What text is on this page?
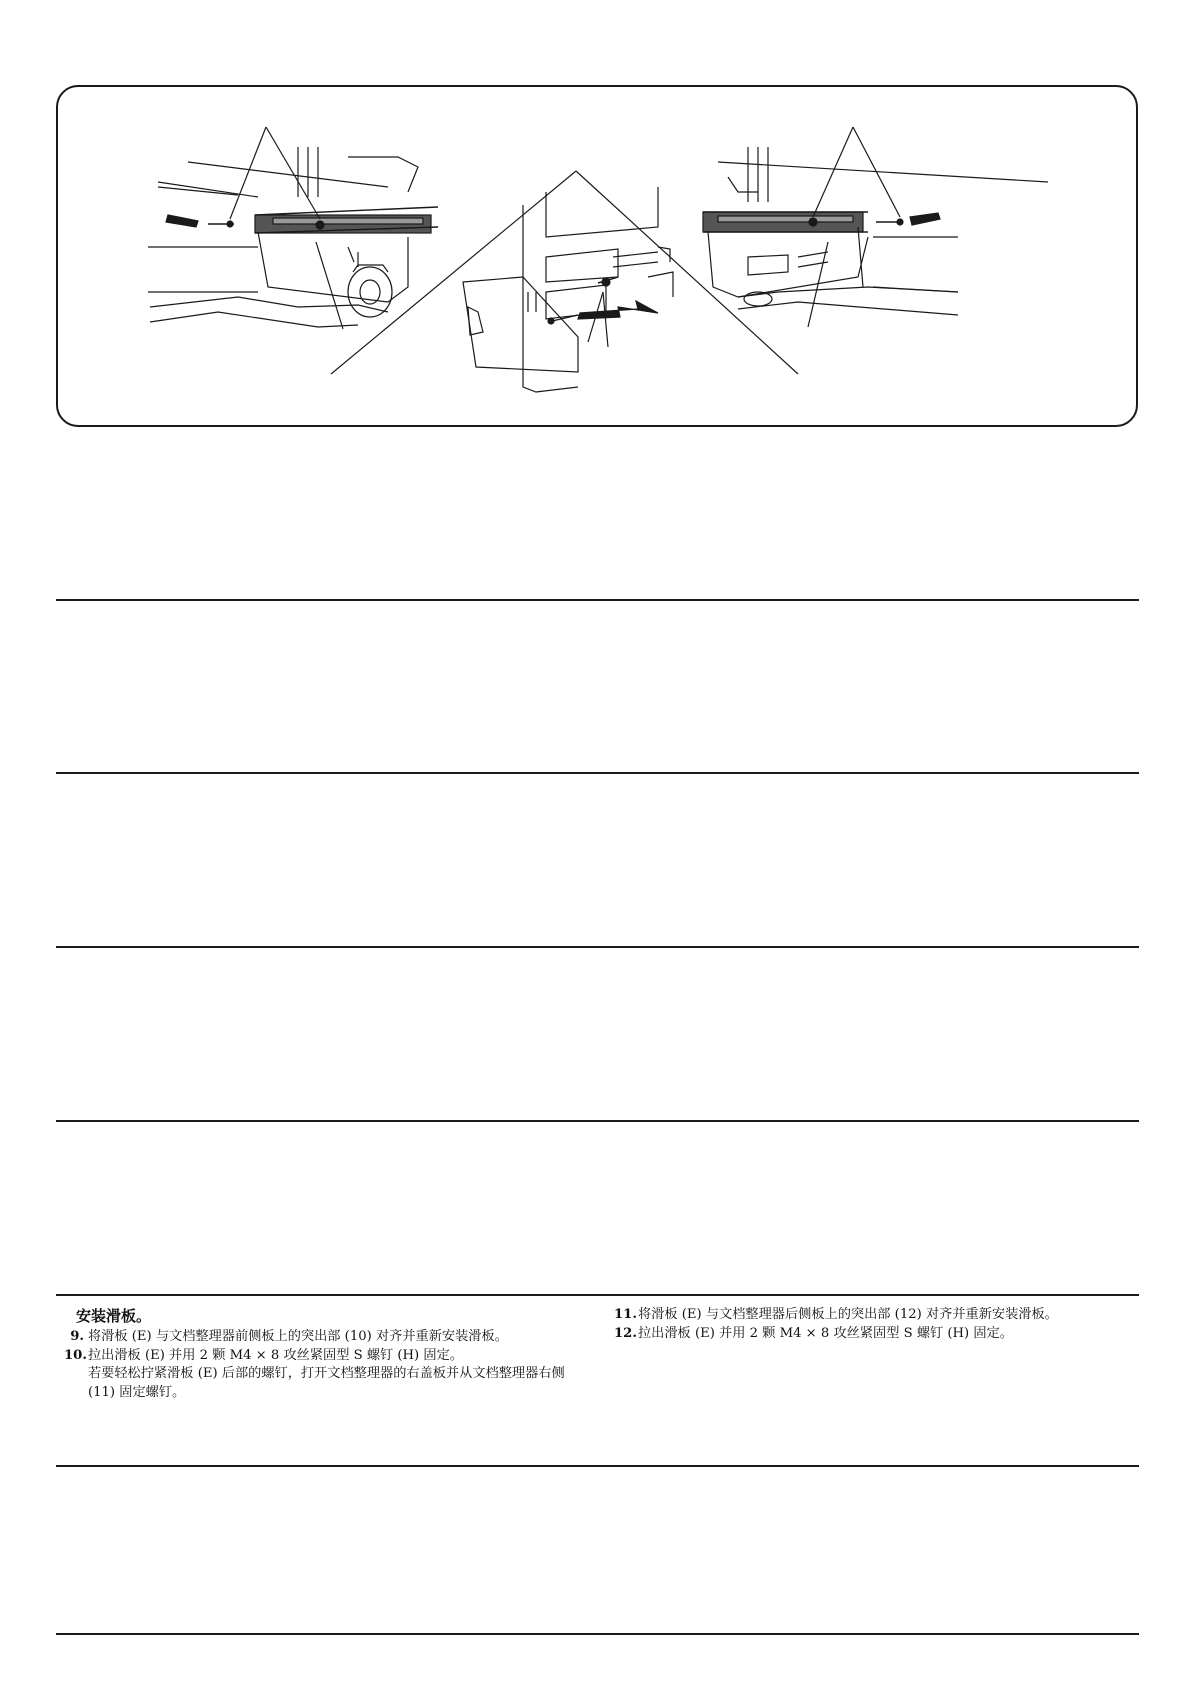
安装滑板。

9. 将滑板 (E) 与文档整理器前侧板上的突出部 (10) 对齐并重新安装滑板。

10. 拉出滑板 (E) 并用 2 颗 M4 × 8 攻丝紧固型 S 螺钉 (H) 固定。

若要轻松拧紧滑板 (E) 后部的螺钉，打开文档整理器的右盖板并从文档整理器右侧 (11) 固定螺钉。

11. 将滑板 (E) 与文档整理器后侧板上的突出部 (12) 对齐并重新安装滑板。

12. 拉出滑板 (E) 并用 2 颗 M4 × 8 攻丝紧固型 S 螺钉 (H) 固定。
